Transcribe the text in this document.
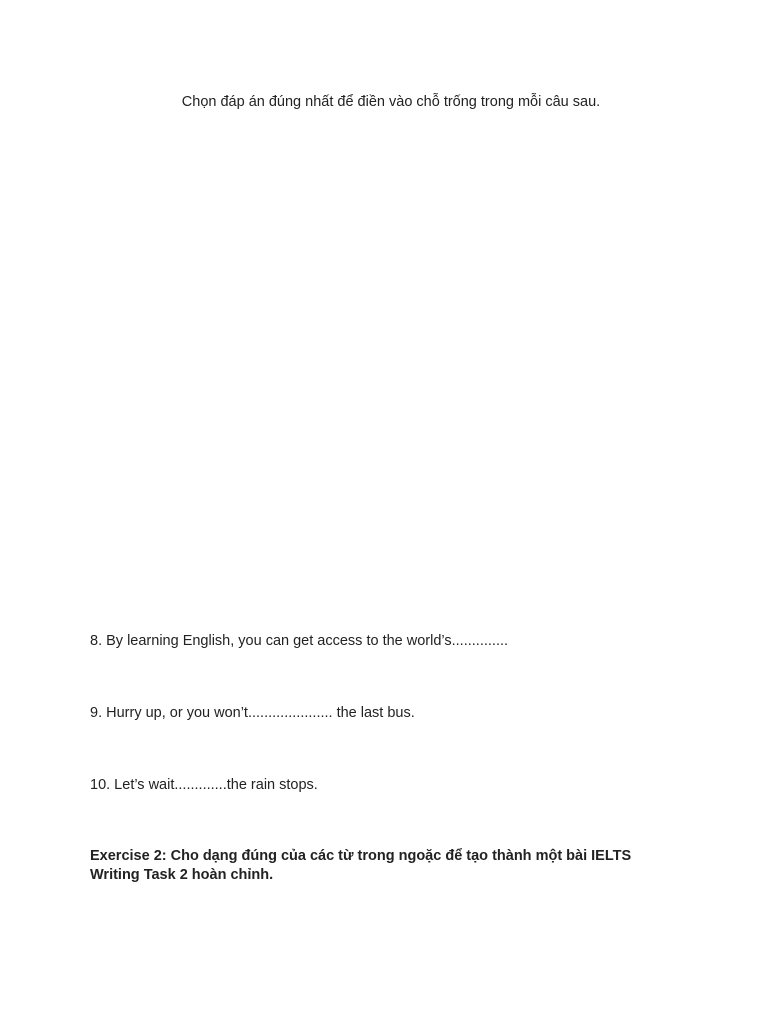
Chọn đáp án đúng nhất để điền vào chỗ trống trong mỗi câu sau.

8. By learning English, you can get access to the world’s..............

9. Hurry up, or you won’t..................... the last bus.

10. Let’s wait.............the rain stops.

Exercise 2: Cho dạng đúng của các từ trong ngoặc để tạo thành một bài IELTS
Writing Task 2 hoàn chỉnh.
